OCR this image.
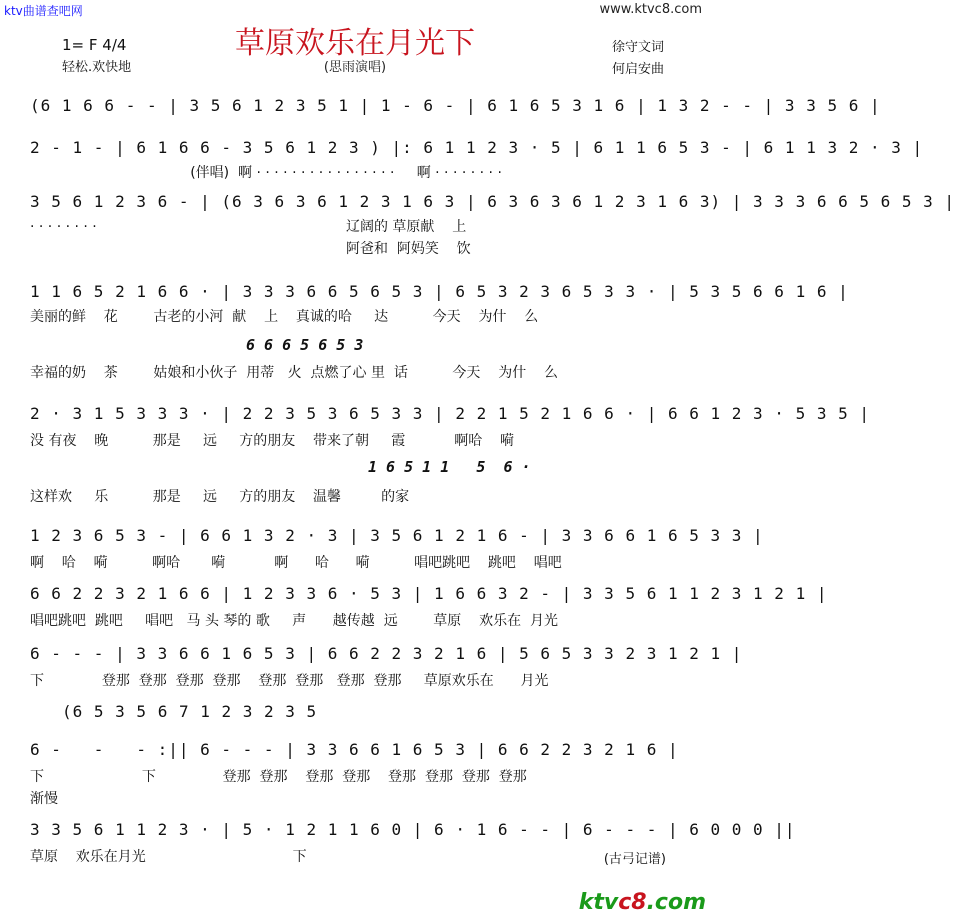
ktv曲谱查吧网	www.ktvc8.com
草原欢乐在月光下
1= F 4/4
轻松.欢快地	(思雨演唱)
徐守文词
何启安曲
(6 1 6 6 - - | 3 5 6 1 2 3 5 1 | 1 - 6 - | 6 1 6 5 3 1 6 | 1 3 2 - - | 3 3 5 6 |
2 - 1 - | 6 1 6 6 - 3 5 6 1 2 3 ) |: 6 1 1 2 3 · 5 | 6 1 1 6 5 3 - | 6 1 1 3 2 · 3 |
(伴唱)  啊 · · · · · · · · · · · · · · · ·     啊 · · · · · · · ·
3 5 6 1 2 3 6 - | (6 3 6 3 6 1 2 3 1 6 3 | 6 3 6 3 6 1 2 3 1 6 3) | 3 3 3 6 6 5 6 5 3 |
· · · · · · · ·                                                        辽阔的 草原献    上
阿爸和  阿妈笑    饮
1 1 6 5 2 1 6 6 · | 3 3 3 6 6 5 6 5 3 | 6 5 3 2 3 6 5 3 3 · | 5 3 5 6 6 1 6 |
美丽的鲜    花        古老的小河  献    上    真诚的哈     达          今天    为什    么
6 6 6 5 6 5 3
幸福的奶    茶        姑娘和小伙子  用蒂   火  点燃了心 里  话          今天    为什    么
2 · 3 1 5 3 3 3 · | 2 2 3 5 3 6 5 3 3 | 2 2 1 5 2 1 6 6 · | 6 6 1 2 3 · 5 3 5 |
没 有夜    晚          那是     远     方的朋友    带来了朝     霞           啊哈    嗬
1 6 5 1 1   5  6 ·
这样欢     乐          那是     远     方的朋友    温馨         的家
1 2 3 6 5 3 - | 6 6 1 3 2 · 3 | 3 5 6 1 2 1 6 - | 3 3 6 6 1 6 5 3 3 |
啊    哈    嗬          啊哈       嗬           啊      哈      嗬          唱吧跳吧    跳吧    唱吧
6 6 2 2 3 2 1 6 6 | 1 2 3 3 6 · 5 3 | 1 6 6 3 2 - | 3 3 5 6 1 1 2 3 1 2 1 |
唱吧跳吧  跳吧     唱吧   马 头 琴的 歌     声      越传越  远        草原    欢乐在  月光
6 - - - | 3 3 6 6 1 6 5 3 | 6 6 2 2 3 2 1 6 | 5 6 5 3 3 2 3 1 2 1 |
下             登那  登那  登那  登那    登那  登那   登那  登那     草原欢乐在      月光
(6 5 3 5 6 7 1 2 3 2 3 5
6 -   -   - :|| 6 - - - | 3 3 6 6 1 6 5 3 | 6 6 2 2 3 2 1 6 |
下                      下               登那  登那    登那  登那    登那  登那  登那  登那
渐慢
3 3 5 6 1 1 2 3 · | 5 · 1 2 1 1 6 0 | 6 · 1 6 - - | 6 - - - | 6 0 0 0 ||
草原    欢乐在月光                                 下	(古弓记谱)
ktvc8.com
